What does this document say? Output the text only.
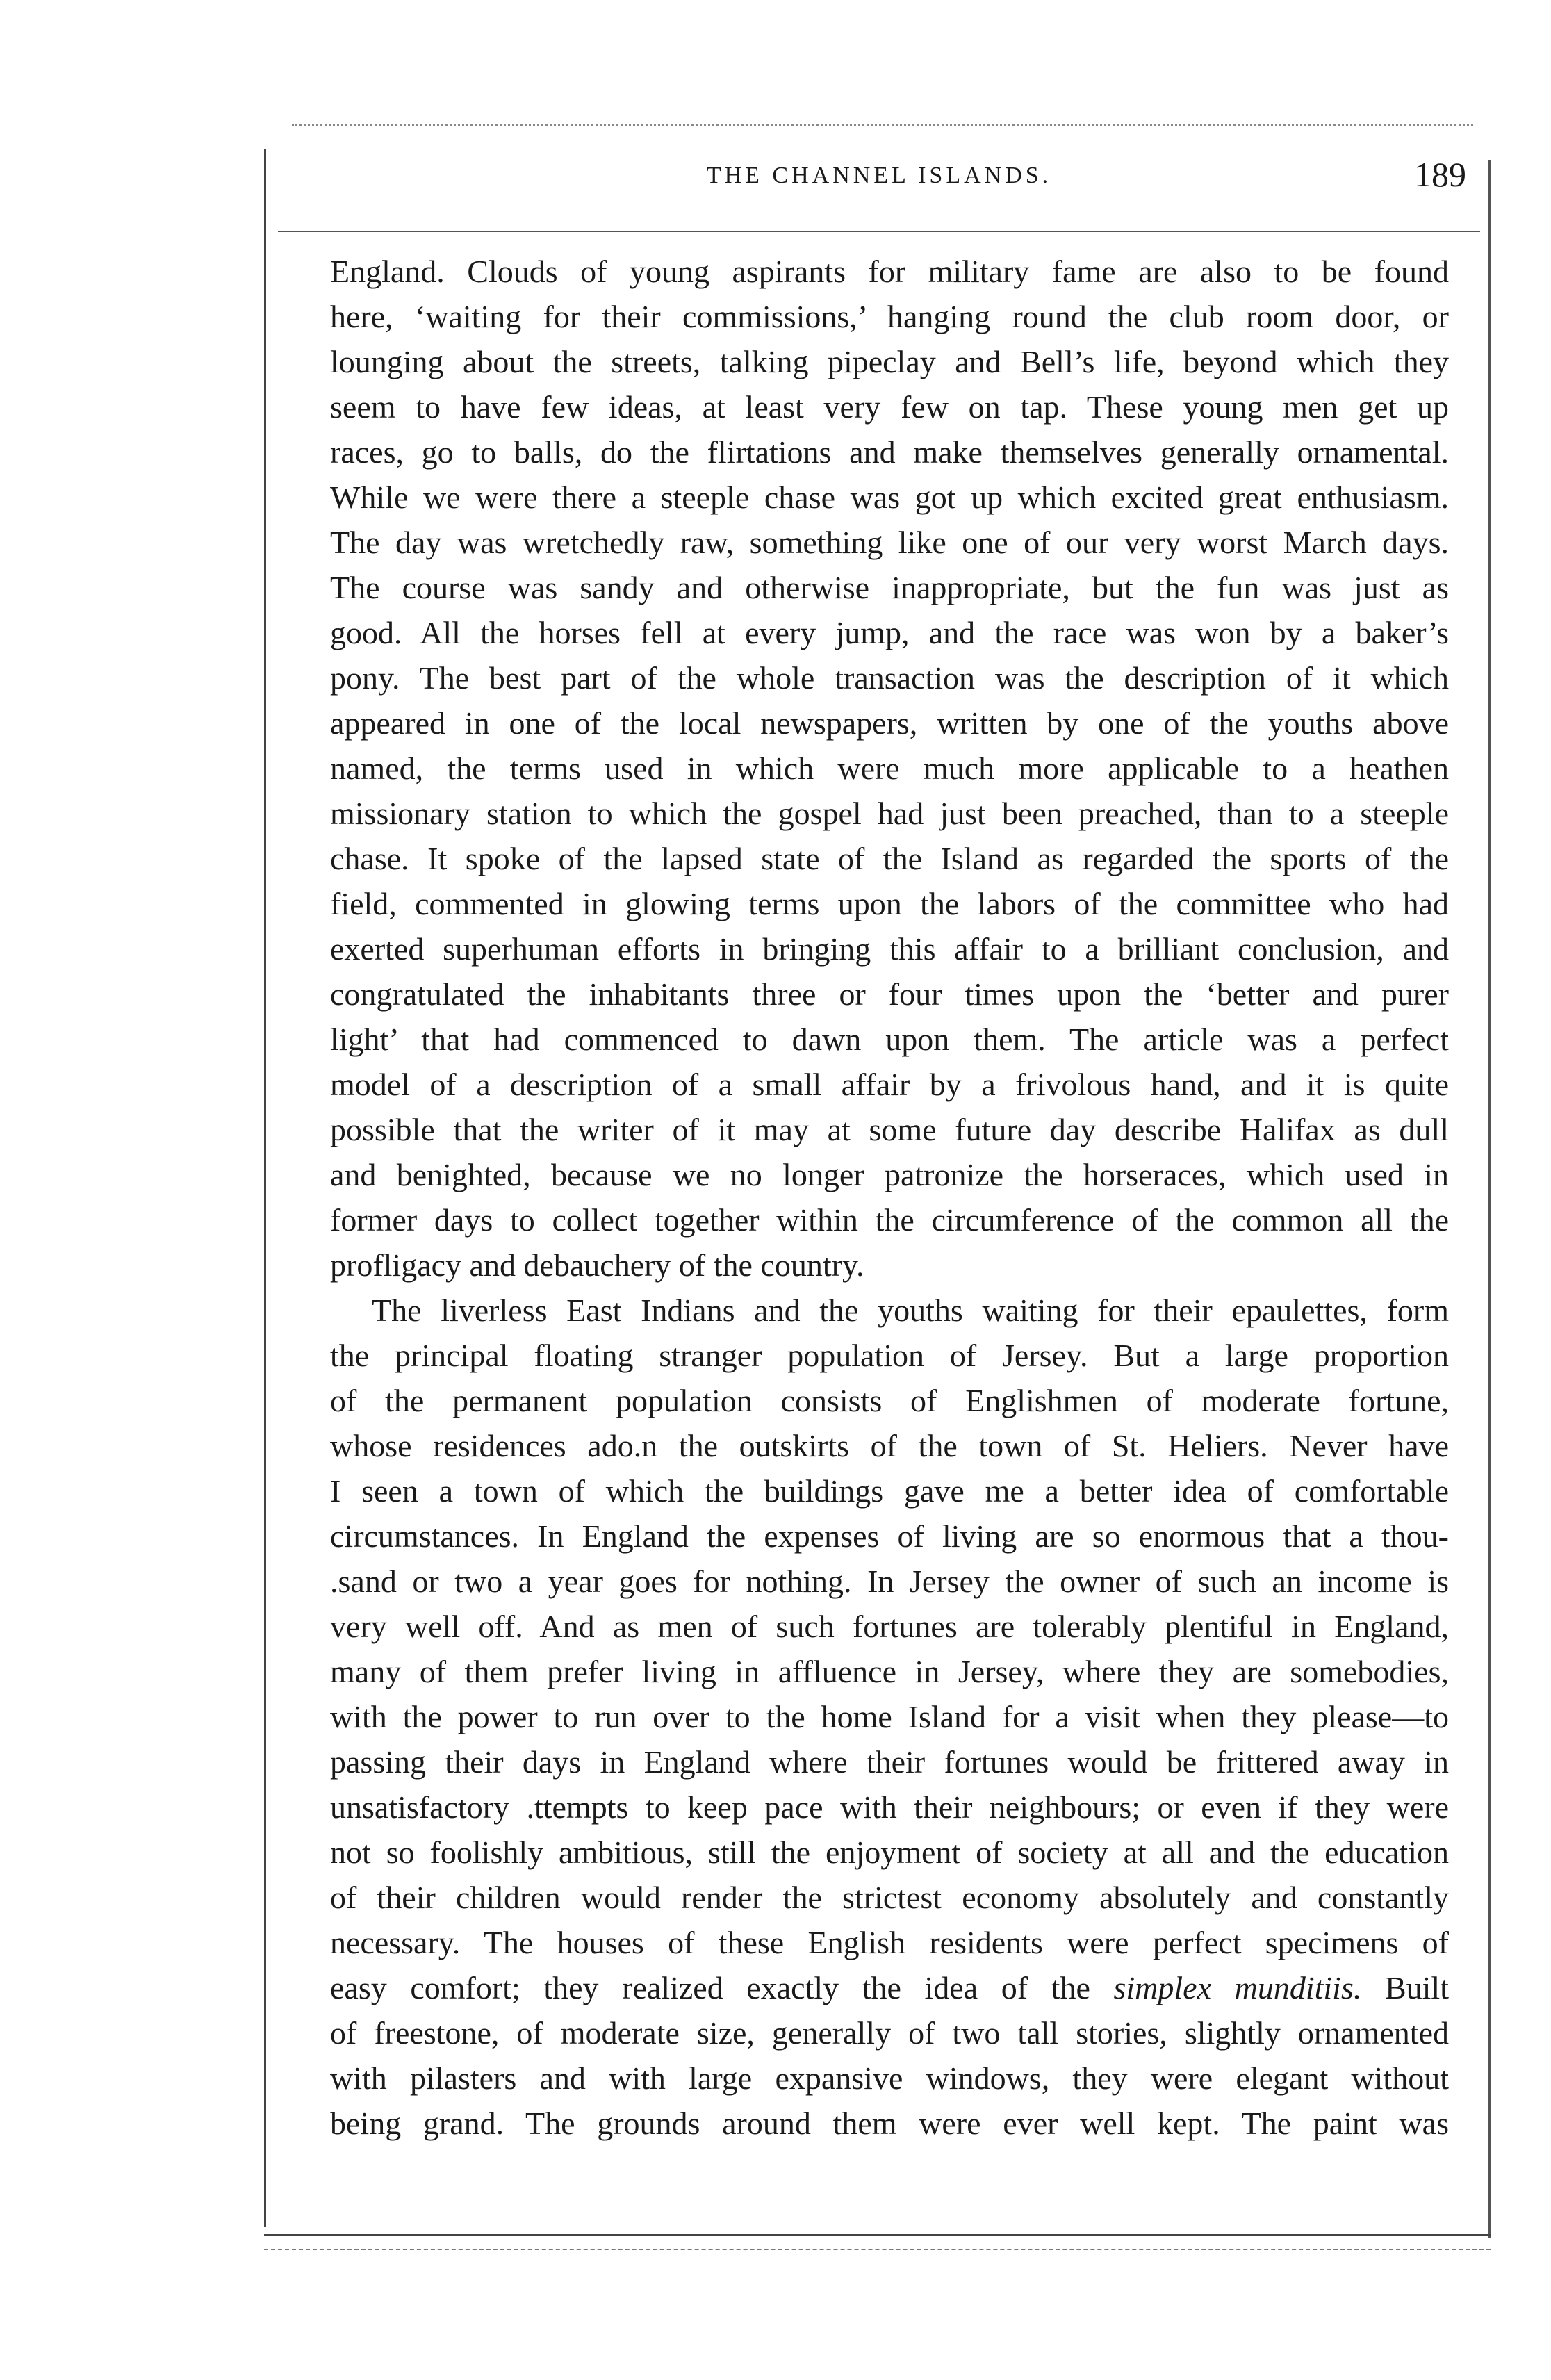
THE CHANNEL ISLANDS.	189
England. Clouds of young aspirants for military fame are also to be found
here, ‘waiting for their commissions,’ hanging round the club room door, or
lounging about the streets, talking pipeclay and Bell’s life, beyond which they
seem to have few ideas, at least very few on tap. These young men get up
races, go to balls, do the flirtations and make themselves generally ornamental.
While we were there a steeple chase was got up which excited great enthusiasm.
The day was wretchedly raw, something like one of our very worst March days.
The course was sandy and otherwise inappropriate, but the fun was just as
good. All the horses fell at every jump, and the race was won by a baker’s
pony. The best part of the whole transaction was the description of it which
appeared in one of the local newspapers, written by one of the youths above
named, the terms used in which were much more applicable to a heathen
missionary station to which the gospel had just been preached, than to a steeple
chase. It spoke of the lapsed state of the Island as regarded the sports of the
field, commented in glowing terms upon the labors of the committee who had
exerted superhuman efforts in bringing this affair to a brilliant conclusion, and
congratulated the inhabitants three or four times upon the ‘better and purer
light’ that had commenced to dawn upon them. The article was a perfect
model of a description of a small affair by a frivolous hand, and it is quite
possible that the writer of it may at some future day describe Halifax as dull
and benighted, because we no longer patronize the horseraces, which used in
former days to collect together within the circumference of the common all the
profligacy and debauchery of the country.
The liverless East Indians and the youths waiting for their epaulettes, form
the principal floating stranger population of Jersey. But a large proportion
of the permanent population consists of Englishmen of moderate fortune,
whose residences ado.n the outskirts of the town of St. Heliers. Never have
I seen a town of which the buildings gave me a better idea of comfortable
circumstances. In England the expenses of living are so enormous that a thou-
.sand or two a year goes for nothing. In Jersey the owner of such an income is
very well off. And as men of such fortunes are tolerably plentiful in England,
many of them prefer living in affluence in Jersey, where they are somebodies,
with the power to run over to the home Island for a visit when they please—to
passing their days in England where their fortunes would be frittered away in
unsatisfactory .ttempts to keep pace with their neighbours; or even if they were
not so foolishly ambitious, still the enjoyment of society at all and the education
of their children would render the strictest economy absolutely and constantly
necessary. The houses of these English residents were perfect specimens of
easy comfort; they realized exactly the idea of the simplex munditiis. Built
of freestone, of moderate size, generally of two tall stories, slightly ornamented
with pilasters and with large expansive windows, they were elegant without
being grand. The grounds around them were ever well kept. The paint was
